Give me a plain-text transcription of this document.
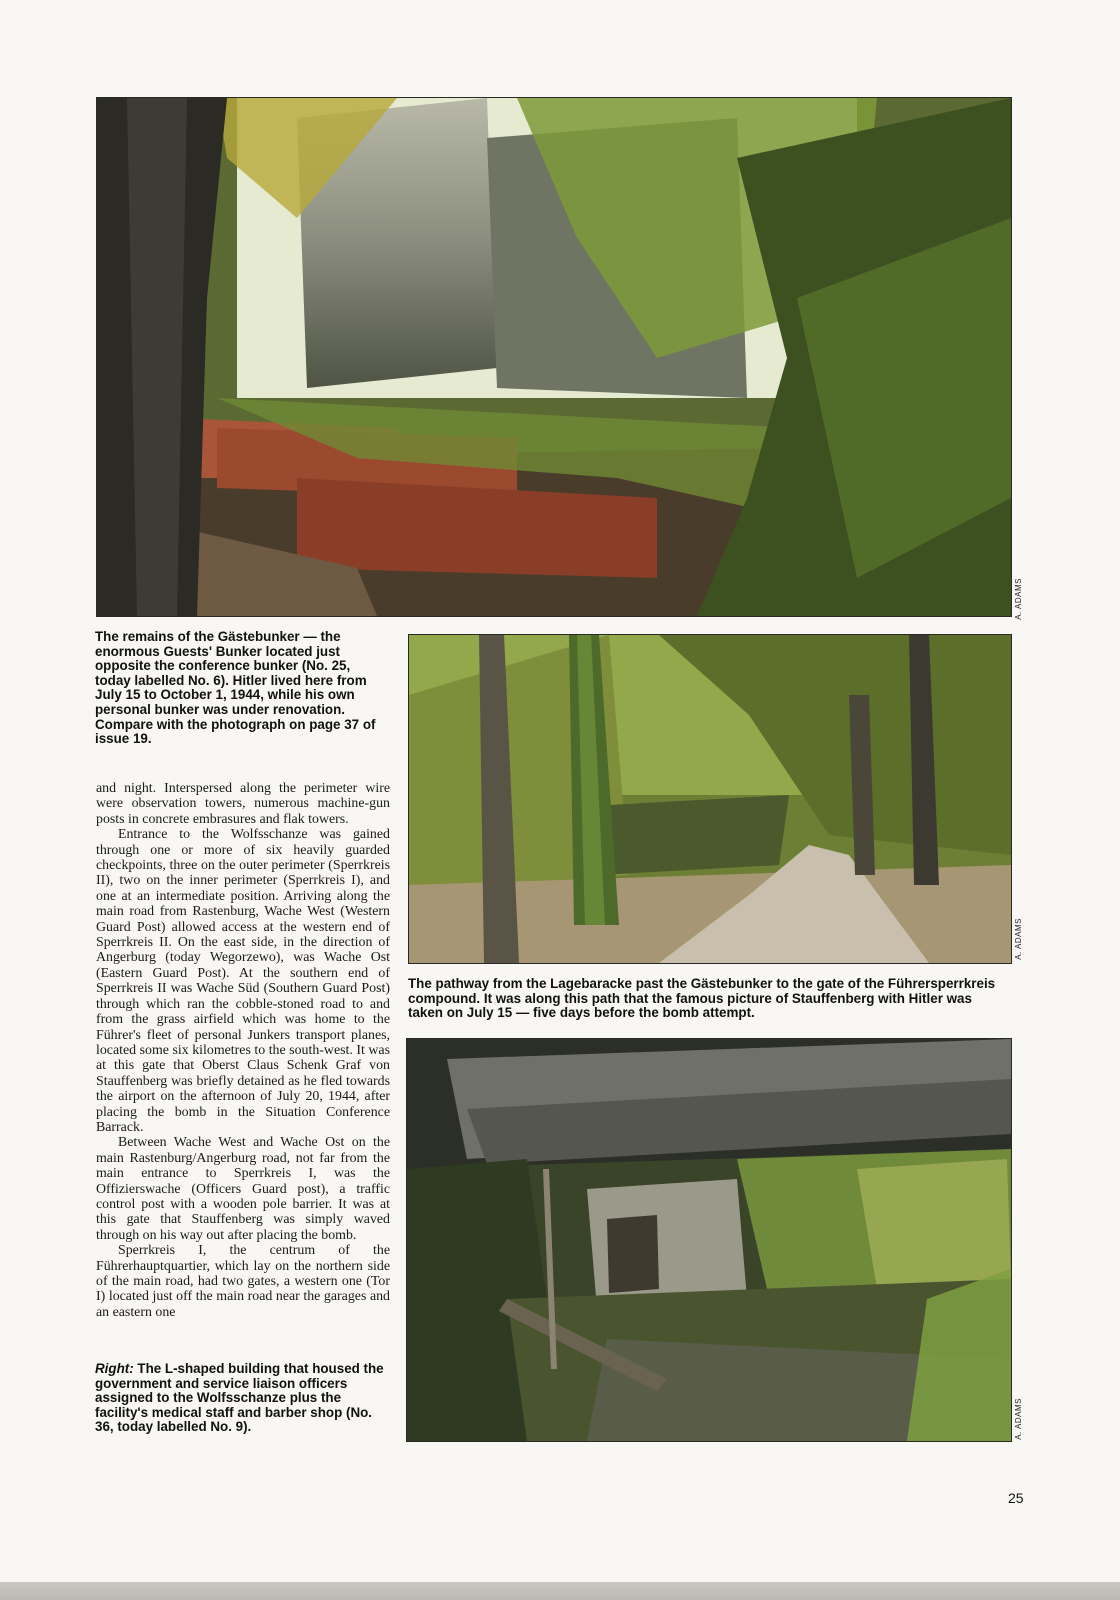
A. ADAMS

The remains of the Gästebunker — the enormous Guests' Bunker located just opposite the conference bunker (No. 25, today labelled No. 6). Hitler lived here from July 15 to October 1, 1944, while his own personal bunker was under renovation. Compare with the photograph on page 37 of issue 19.

A. ADAMS

The pathway from the Lagebaracke past the Gästebunker to the gate of the Führersperrkreis compound. It was along this path that the famous picture of Stauffenberg with Hitler was taken on July 15 — five days before the bomb attempt.

A. ADAMS

and night. Interspersed along the perimeter wire were observation towers, numerous machine-gun posts in concrete embrasures and flak towers.

Entrance to the Wolfsschanze was gained through one or more of six heavily guarded checkpoints, three on the outer perimeter (Sperrkreis II), two on the inner perimeter (Sperrkreis I), and one at an intermediate position. Arriving along the main road from Rastenburg, Wache West (Western Guard Post) allowed access at the western end of Sperrkreis II. On the east side, in the direction of Angerburg (today Wegorzewo), was Wache Ost (Eastern Guard Post). At the southern end of Sperrkreis II was Wache Süd (Southern Guard Post) through which ran the cobble-stoned road to and from the grass airfield which was home to the Führer's fleet of personal Junkers transport planes, located some six kilometres to the south-west. It was at this gate that Oberst Claus Schenk Graf von Stauffenberg was briefly detained as he fled towards the airport on the afternoon of July 20, 1944, after placing the bomb in the Situation Conference Barrack.

Between Wache West and Wache Ost on the main Rastenburg/Angerburg road, not far from the main entrance to Sperrkreis I, was the Offizierswache (Officers Guard post), a traffic control post with a wooden pole barrier. It was at this gate that Stauffenberg was simply waved through on his way out after placing the bomb.

Sperrkreis I, the centrum of the Führerhauptquartier, which lay on the northern side of the main road, had two gates, a western one (Tor I) located just off the main road near the garages and an eastern one

Right: The L-shaped building that housed the government and service liaison officers assigned to the Wolfsschanze plus the facility's medical staff and barber shop (No. 36, today labelled No. 9).

25
